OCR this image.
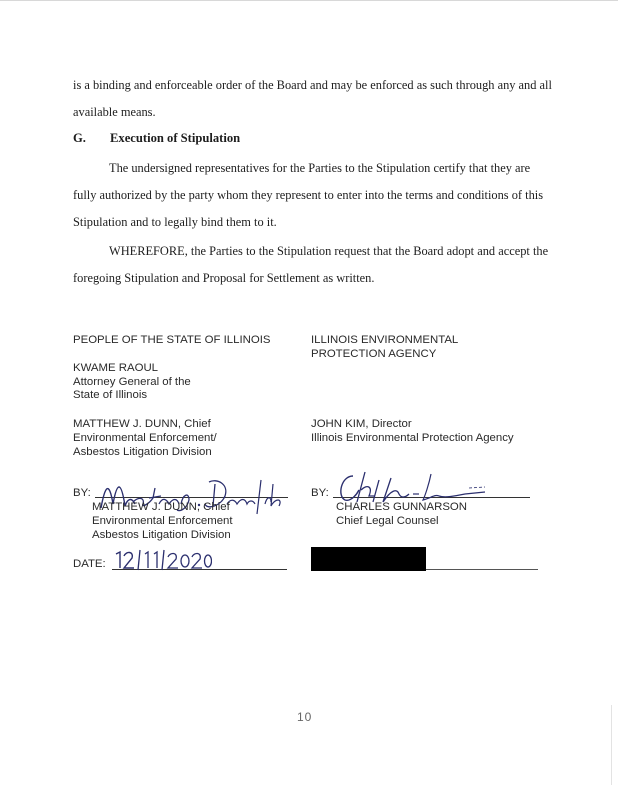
is a binding and enforceable order of the Board and may be enforced as such through any and all
available means.
G. Execution of Stipulation
The undersigned representatives for the Parties to the Stipulation certify that they are
fully authorized by the party whom they represent to enter into the terms and conditions of this
Stipulation and to legally bind them to it.
WHEREFORE, the Parties to the Stipulation request that the Board adopt and accept the
foregoing Stipulation and Proposal for Settlement as written.
PEOPLE OF THE STATE OF ILLINOIS
KWAME RAOUL
Attorney General of the
State of Illinois
MATTHEW J. DUNN, Chief
Environmental Enforcement/
Asbestos Litigation Division
BY:
MATTHEW J. DUNN, Chief
Environmental Enforcement
Asbestos Litigation Division
DATE:
ILLINOIS ENVIRONMENTAL PROTECTION AGENCY
JOHN KIM, Director
Illinois Environmental Protection Agency
BY:
CHARLES GUNNARSON
Chief Legal Counsel
10
